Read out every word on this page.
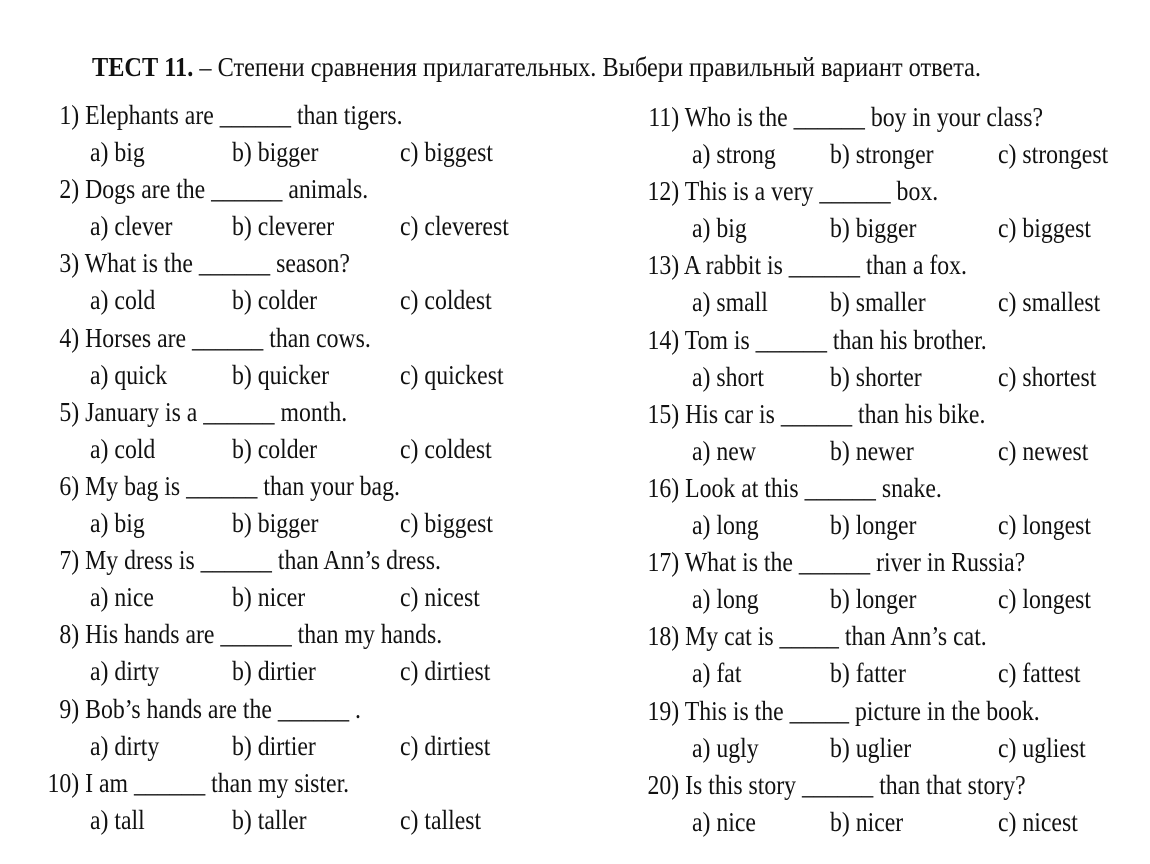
ТЕСТ 11. – Степени сравнения прилагательных. Выбери правильный вариант ответа.
1) Elephants are ______ than tigers.
a) big	b) bigger	c) biggest
2) Dogs are the ______ animals.
a) clever b) cleverer c) cleverest
3) What is the ______ season?
a) cold	b) colder	c) coldest
4) Horses are ______ than cows.
a) quick b) quicker	c) quickest
5) January is a ______ month.
a) cold	b) colder	c) coldest
6) My bag is ______ than your bag.
a) big	b) bigger	c) biggest
7) My dress is ______ than Ann’s dress.
a) nice	b) nicer	c) nicest
8) His hands are ______ than my hands.
a) dirty	b) dirtier	c) dirtiest
9) Bob’s hands are the ______ .
a) dirty	b) dirtier	c) dirtiest
10) I am ______ than my sister.
a) tall	b) taller	c) tallest
11) Who is the ______ boy in your class?
a) strong b) stronger c) strongest
12) This is a very ______ box.
a) big	b) bigger	c) biggest
13) A rabbit is ______ than a fox.
a) small b) smaller	c) smallest
14) Tom is ______ than his brother.
a) short b) shorter	c) shortest
15) His car is ______ than his bike.
a) new	b) newer	c) newest
16) Look at this ______ snake.
a) long	b) longer	c) longest
17) What is the ______ river in Russia?
a) long	b) longer	c) longest
18) My cat is _____ than Ann’s cat.
a) fat	b) fatter	c) fattest
19) This is the _____ picture in the book.
a) ugly	b) uglier	c) ugliest
20) Is this story ______ than that story?
a) nice	b) nicer	c) nicest
